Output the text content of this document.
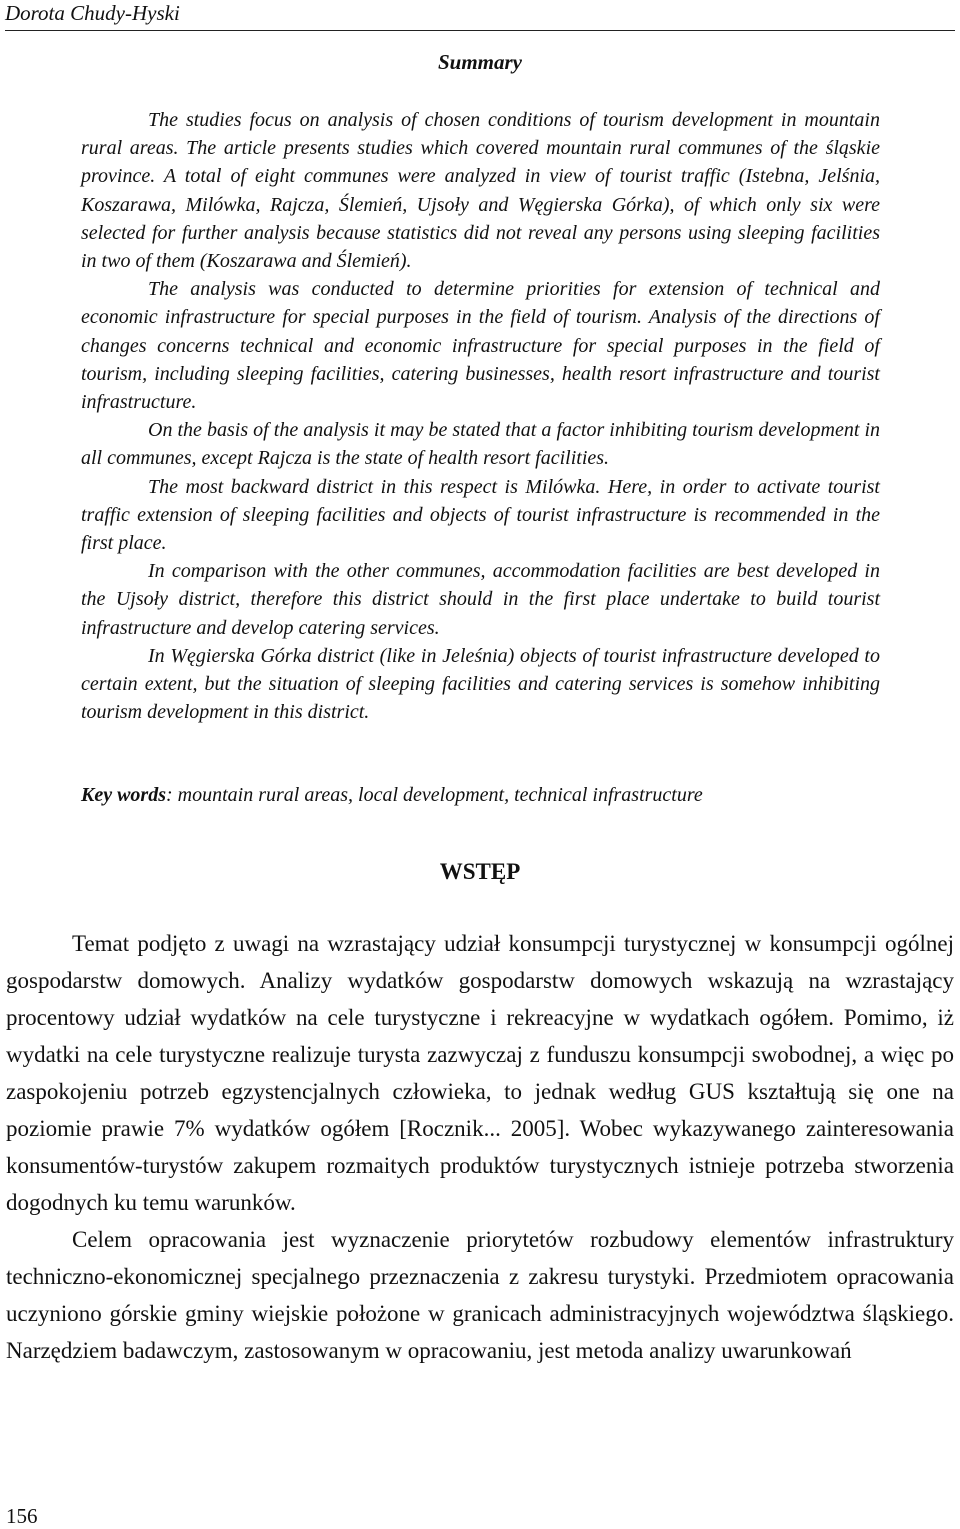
Dorota Chudy-Hyski
Summary

The studies focus on analysis of chosen conditions of tourism development in mountain rural areas. The article presents studies which covered mountain rural communes of the śląskie province. A total of eight communes were analyzed in view of tourist traffic (Istebna, Jelśnia, Koszarawa, Milówka, Rajcza, Ślemień, Ujsoły and Węgierska Górka), of which only six were selected for further analysis because statistics did not reveal any persons using sleeping facilities in two of them (Koszarawa and Ślemień).

The analysis was conducted to determine priorities for extension of technical and economic infrastructure for special purposes in the field of tourism. Analysis of the directions of changes concerns technical and economic infrastructure for special purposes in the field of tourism, including sleeping facilities, catering businesses, health resort infrastructure and tourist infrastructure.

On the basis of the analysis it may be stated that a factor inhibiting tourism development in all communes, except Rajcza is the state of health resort facilities.

The most backward district in this respect is Milówka. Here, in order to activate tourist traffic extension of sleeping facilities and objects of tourist infrastructure is recommended in the first place.

In comparison with the other communes, accommodation facilities are best developed in the Ujsoły district, therefore this district should in the first place undertake to build tourist infrastructure and develop catering services.

In Węgierska Górka district (like in Jeleśnia) objects of tourist infrastructure developed to certain extent, but the situation of sleeping facilities and catering services is somehow inhibiting tourism development in this district.

Key words: mountain rural areas, local development, technical infrastructure
WSTĘP

Temat podjęto z uwagi na wzrastający udział konsumpcji turystycznej w konsumpcji ogólnej gospodarstw domowych. Analizy wydatków gospodarstw domowych wskazują na wzrastający procentowy udział wydatków na cele turystyczne i rekreacyjne w wydatkach ogółem. Pomimo, iż wydatki na cele turystyczne realizuje turysta zazwyczaj z funduszu konsumpcji swobodnej, a więc po zaspokojeniu potrzeb egzystencjalnych człowieka, to jednak według GUS kształtują się one na poziomie prawie 7% wydatków ogółem [Rocznik... 2005]. Wobec wykazywanego zainteresowania konsumentów-turystów zakupem rozmaitych produktów turystycznych istnieje potrzeba stworzenia dogodnych ku temu warunków.

Celem opracowania jest wyznaczenie priorytetów rozbudowy elementów infrastruktury techniczno-ekonomicznej specjalnego przeznaczenia z zakresu turystyki. Przedmiotem opracowania uczyniono górskie gminy wiejskie położone w granicach administracyjnych województwa śląskiego. Narzędziem badawczym, zastosowanym w opracowaniu, jest metoda analizy uwarunkowań

156
